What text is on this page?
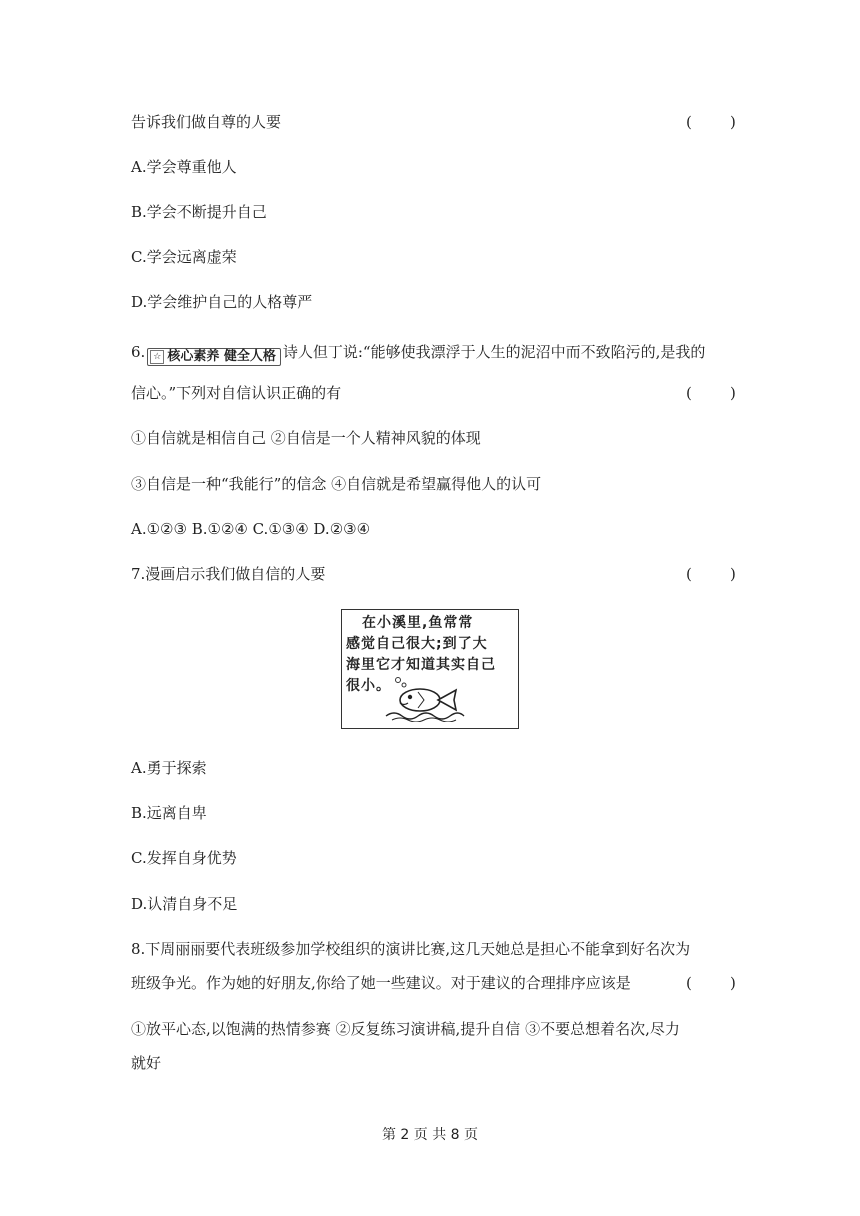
告诉我们做自尊的人要	(        )
A.学会尊重他人
B.学会不断提升自己
C.学会远离虚荣
D.学会维护自己的人格尊严
6. ☆ 核心素养 健全人格 诗人但丁说:“能够使我漂浮于人生的泥沼中而不致陷污的,是我的
信心。”下列对自信认识正确的有	(        )
①自信就是相信自己 ②自信是一个人精神风貌的体现
③自信是一种“我能行”的信念 ④自信就是希望赢得他人的认可
A.①②③ B.①②④ C.①③④ D.②③④
7.漫画启示我们做自信的人要	(        )
在小溪里,鱼常常
感觉自己很大;到了大
海里它才知道其实自己
很小。
A.勇于探索
B.远离自卑
C.发挥自身优势
D.认清自身不足
8.下周丽丽要代表班级参加学校组织的演讲比赛,这几天她总是担心不能拿到好名次为
班级争光。作为她的好朋友,你给了她一些建议。对于建议的合理排序应该是	(        )
①放平心态,以饱满的热情参赛 ②反复练习演讲稿,提升自信 ③不要总想着名次,尽力
就好
第 2 页 共 8 页
